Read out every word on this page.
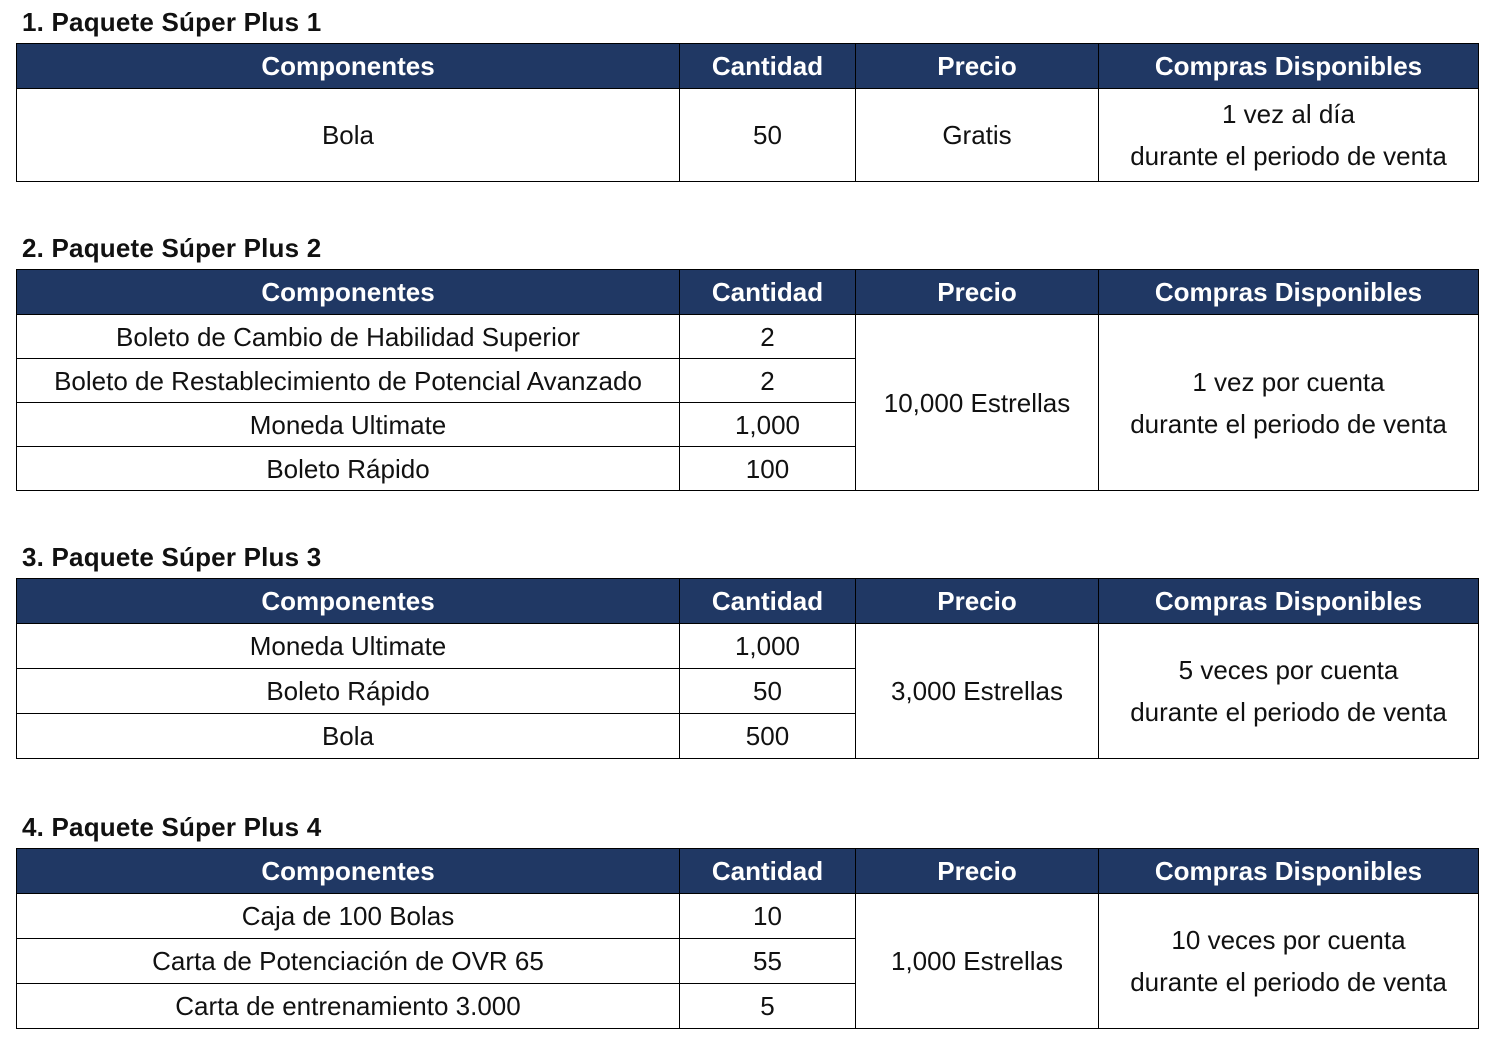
1. Paquete Súper Plus 1
Componentes	Cantidad	Precio	Compras Disponibles
Bola	50	Gratis	1 vez al día
durante el periodo de venta
2. Paquete Súper Plus 2
Componentes	Cantidad	Precio	Compras Disponibles
Boleto de Cambio de Habilidad Superior	2	10,000 Estrellas	1 vez por cuenta
durante el periodo de venta

Boleto de Restablecimiento de Potencial Avanzado	2		
Moneda Ultimate	1,000		
Boleto Rápido	100		
3. Paquete Súper Plus 3
Componentes	Cantidad	Precio	Compras Disponibles
Moneda Ultimate	1,000	3,000 Estrellas	5 veces por cuenta
durante el periodo de venta

Boleto Rápido	50		
Bola	500		
4. Paquete Súper Plus 4
Componentes	Cantidad	Precio	Compras Disponibles
Caja de 100 Bolas	10	1,000 Estrellas	10 veces por cuenta
durante el periodo de venta

Carta de Potenciación de OVR 65	55		
Carta de entrenamiento 3.000	5		
